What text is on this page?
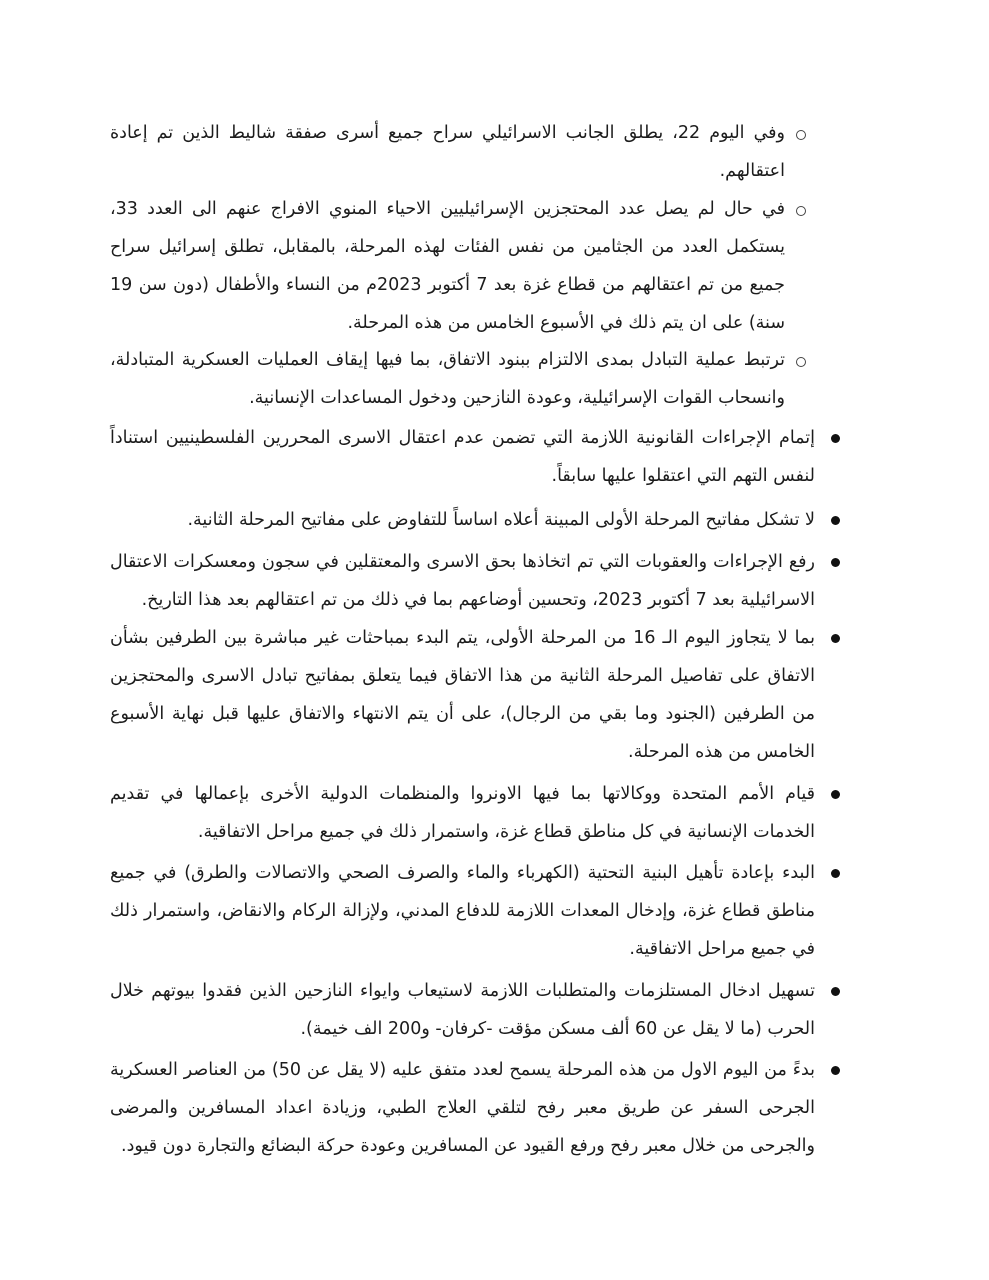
وفي اليوم 22، يطلق الجانب الاسرائيلي سراح جميع أسرى صفقة شاليط الذين تم إعادة اعتقالهم.
في حال لم يصل عدد المحتجزين الإسرائيليين الاحياء المنوي الافراج عنهم الى العدد 33، يستكمل العدد من الجثامين من نفس الفئات لهذه المرحلة، بالمقابل، تطلق إسرائيل سراح جميع من تم اعتقالهم من قطاع غزة بعد 7 أكتوبر 2023م من النساء والأطفال (دون سن 19 سنة) على ان يتم ذلك في الأسبوع الخامس من هذه المرحلة.
ترتبط عملية التبادل بمدى الالتزام ببنود الاتفاق، بما فيها إيقاف العمليات العسكرية المتبادلة، وانسحاب القوات الإسرائيلية، وعودة النازحين ودخول المساعدات الإنسانية.
إتمام الإجراءات القانونية اللازمة التي تضمن عدم اعتقال الاسرى المحررين الفلسطينيين استناداً لنفس التهم التي اعتقلوا عليها سابقاً.
لا تشكل مفاتيح المرحلة الأولى المبينة أعلاه اساساً للتفاوض على مفاتيح المرحلة الثانية.
رفع الإجراءات والعقوبات التي تم اتخاذها بحق الاسرى والمعتقلين في سجون ومعسكرات الاعتقال الاسرائيلية بعد 7 أكتوبر 2023، وتحسين أوضاعهم بما في ذلك من تم اعتقالهم بعد هذا التاريخ.
بما لا يتجاوز اليوم الـ 16 من المرحلة الأولى، يتم البدء بمباحثات غير مباشرة بين الطرفين بشأن الاتفاق على تفاصيل المرحلة الثانية من هذا الاتفاق فيما يتعلق بمفاتيح تبادل الاسرى والمحتجزين من الطرفين (الجنود وما بقي من الرجال)، على أن يتم الانتهاء والاتفاق عليها قبل نهاية الأسبوع الخامس من هذه المرحلة.
قيام الأمم المتحدة ووكالاتها بما فيها الاونروا والمنظمات الدولية الأخرى بإعمالها في تقديم الخدمات الإنسانية في كل مناطق قطاع غزة، واستمرار ذلك في جميع مراحل الاتفاقية.
البدء بإعادة تأهيل البنية التحتية (الكهرباء والماء والصرف الصحي والاتصالات والطرق) في جميع مناطق قطاع غزة، وإدخال المعدات اللازمة للدفاع المدني، ولإزالة الركام والانقاض، واستمرار ذلك في جميع مراحل الاتفاقية.
تسهيل ادخال المستلزمات والمتطلبات اللازمة لاستيعاب وايواء النازحين الذين فقدوا بيوتهم خلال الحرب (ما لا يقل عن 60 ألف مسكن مؤقت -كرفان- و200 الف خيمة).
بدءً من اليوم الاول من هذه المرحلة يسمح لعدد متفق عليه (لا يقل عن 50) من العناصر العسكرية الجرحى السفر عن طريق معبر رفح لتلقي العلاج الطبي، وزيادة اعداد المسافرين والمرضى والجرحى من خلال معبر رفح ورفع القيود عن المسافرين وعودة حركة البضائع والتجارة دون قيود.
